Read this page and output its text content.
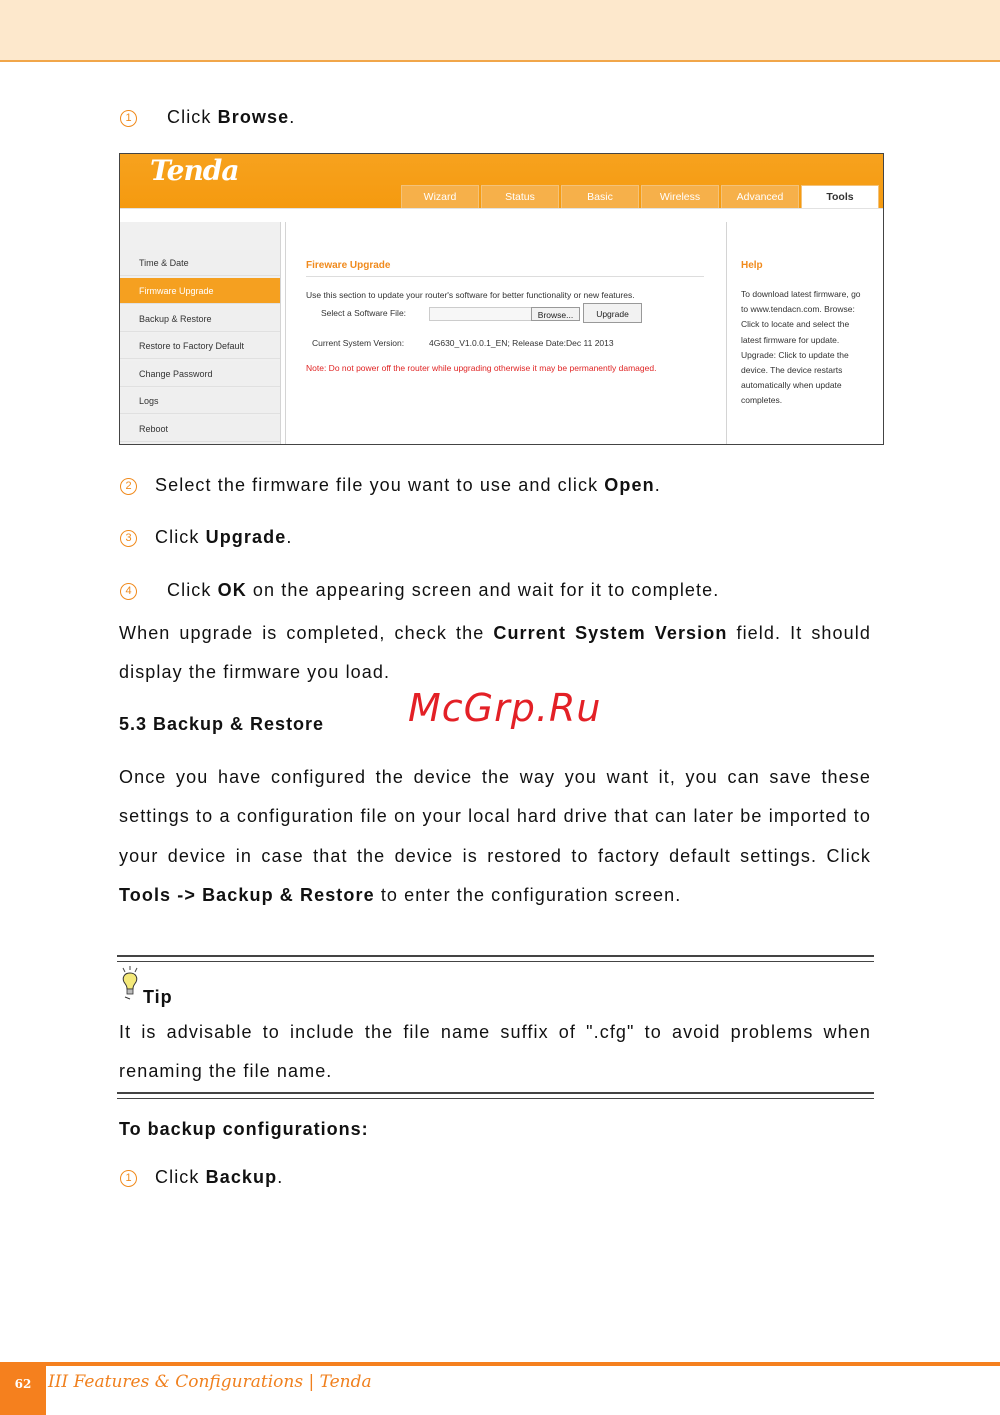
1 Click Browse.
Tenda
Wizard	Status	Basic	Wireless	Advanced	Tools
Time & Date
Firmware Upgrade
Backup & Restore
Restore to Factory Default
Change Password
Logs
Reboot
Fireware Upgrade
Use this section to update your router's software for better functionality or new features.
Select a Software File:	Browse...	Upgrade
Current System Version:	4G630_V1.0.0.1_EN; Release Date:Dec 11 2013
Note: Do not power off the router while upgrading otherwise it may be permanently damaged.
Help
To download latest firmware, go to www.tendacn.com. Browse: Click to locate and select the latest firmware for update. Upgrade: Click to update the device. The device restarts automatically when update completes.
2 Select the firmware file you want to use and click Open.
3 Click Upgrade.
4 Click OK on the appearing screen and wait for it to complete.
When upgrade is completed, check the Current System Version field. It should display the firmware you load.
5.3 Backup & Restore McGrp.Ru
Once you have configured the device the way you want it, you can save these settings to a configuration file on your local hard drive that can later be imported to your device in case that the device is restored to factory default settings. Click Tools -> Backup & Restore to enter the configuration screen.
Tip
It is advisable to include the file name suffix of ".cfg" to avoid problems when renaming the file name.
To backup configurations:
1 Click Backup.
62 III Features & Configurations | Tenda
